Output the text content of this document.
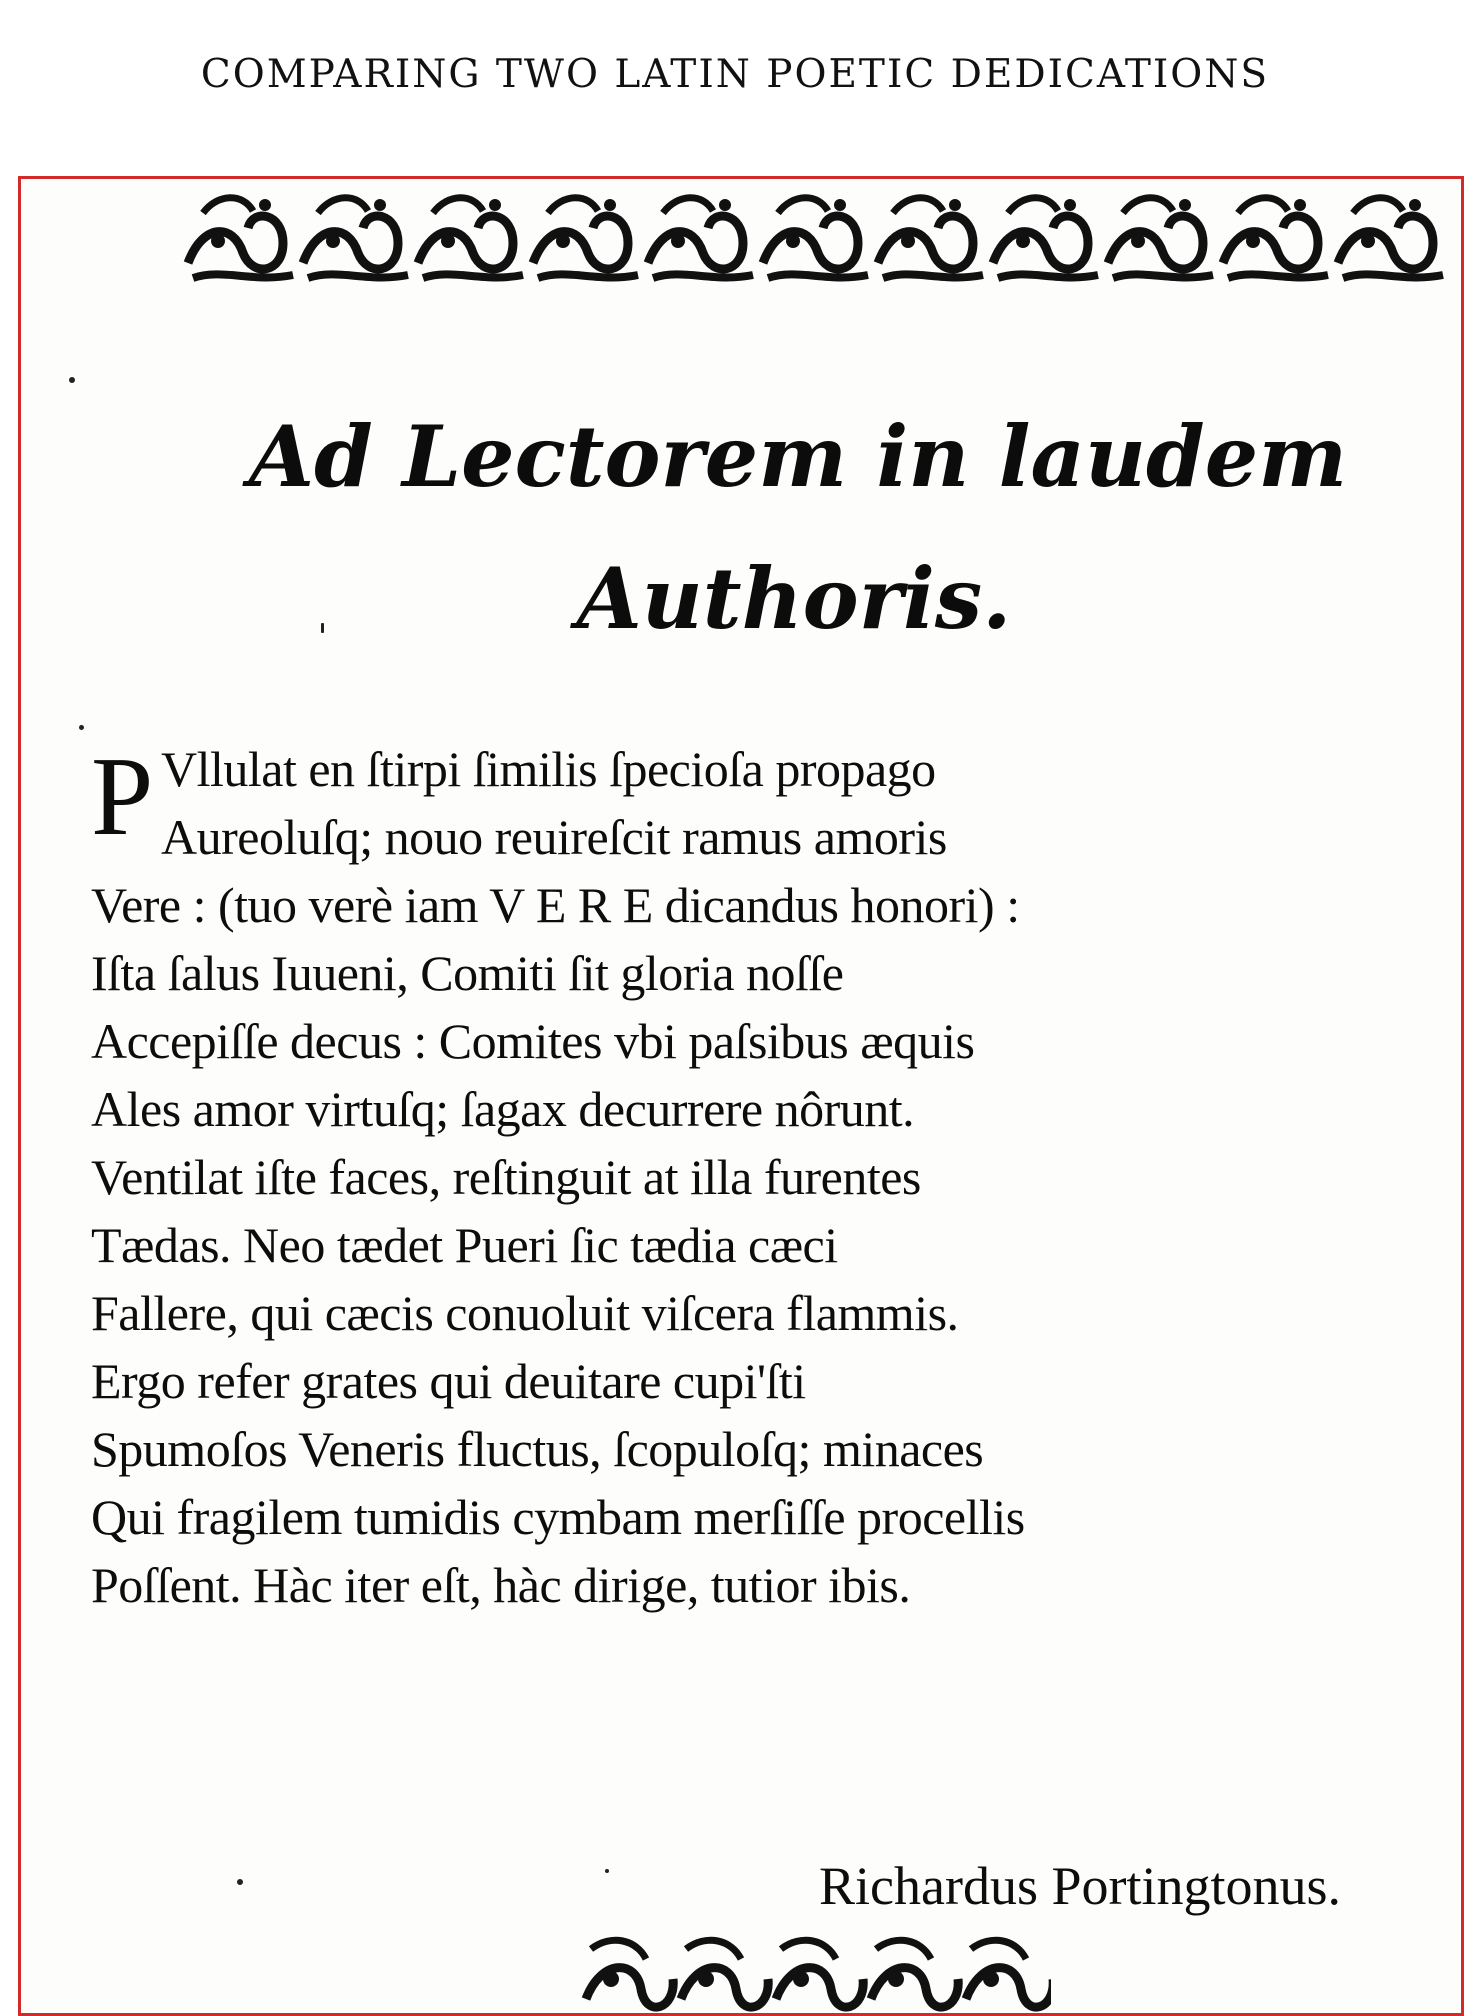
COMPARING TWO LATIN POETIC DEDICATIONS
Ad Lectorem in laudem
Authoris.
P Vllulat en ſtirpi ſimilis ſpecioſa propago
Aureoluſq; nouo reuireſcit ramus amoris
Vere : (tuo verè iam V E R E dicandus honori) :
Iſta ſalus Iuueni, Comiti ſit gloria noſſe
Accepiſſe decus : Comites vbi paſsibus æquis
Ales amor virtuſq; ſagax decurrere nôrunt.
Ventilat iſte faces, reſtinguit at illa furentes
Tædas. Neo tædet Pueri ſic tædia cæci
Fallere, qui cæcis conuoluit viſcera flammis.
Ergo refer grates qui deuitare cupi'ſti
Spumoſos Veneris fluctus, ſcopuloſq; minaces
Qui fragilem tumidis cymbam merſiſſe procellis
Poſſent. Hàc iter eſt, hàc dirige, tutior ibis.
Richardus Portingtonus.
